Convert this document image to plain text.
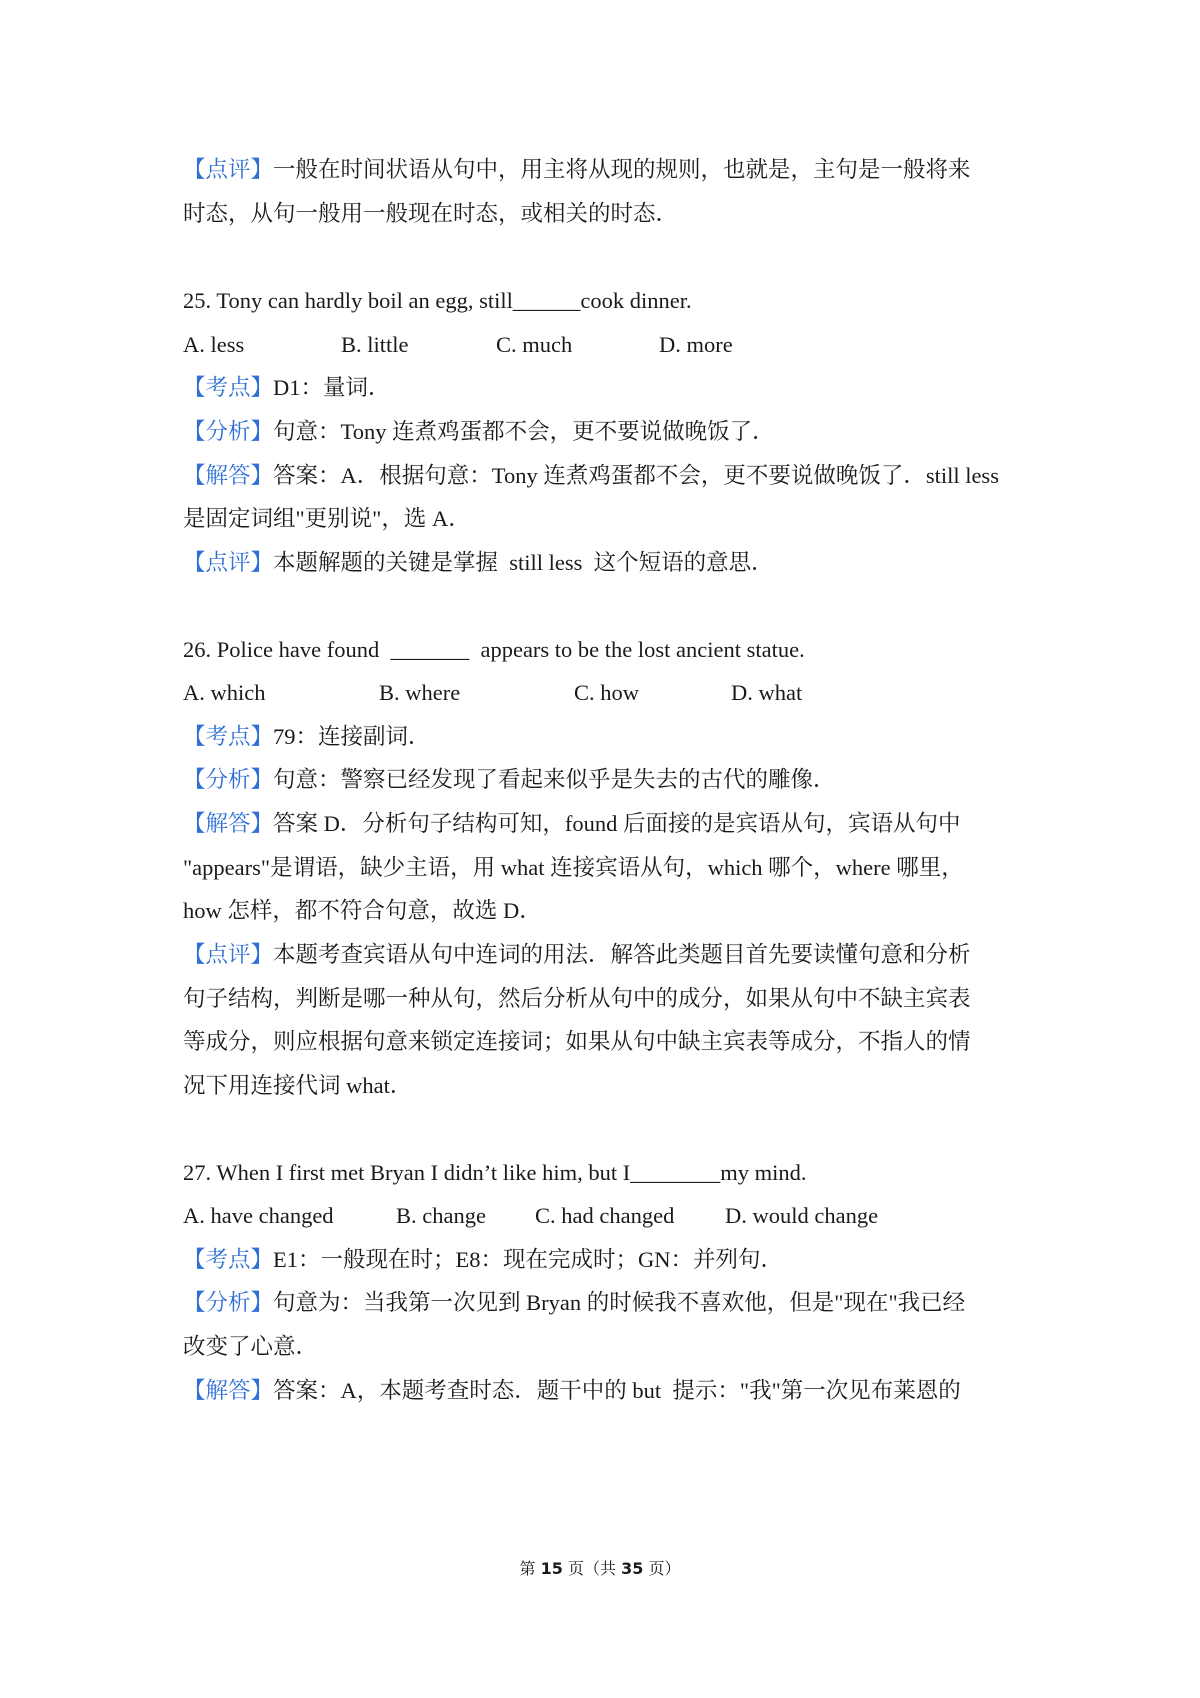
【点评】一般在时间状语从句中，用主将从现的规则，也就是，主句是一般将来
时态，从句一般用一般现在时态，或相关的时态．
25. Tony can hardly boil an egg, still______cook dinner.
A. less	B. little	C. much	D. more
【考点】D1：量词．
【分析】句意：Tony 连煮鸡蛋都不会，更不要说做晚饭了．
【解答】答案：A．根据句意：Tony 连煮鸡蛋都不会，更不要说做晚饭了．still less
是固定词组"更别说"，选 A．
【点评】本题解题的关键是掌握  still less  这个短语的意思．
26. Police have found  _______  appears to be the lost ancient statue.
A. which	B. where	C. how	D. what
【考点】79：连接副词．
【分析】句意：警察已经发现了看起来似乎是失去的古代的雕像．
【解答】答案 D．分析句子结构可知，found 后面接的是宾语从句，宾语从句中
"appears"是谓语，缺少主语，用 what 连接宾语从句，which 哪个，where 哪里，
how 怎样，都不符合句意，故选 D．
【点评】本题考查宾语从句中连词的用法．解答此类题目首先要读懂句意和分析
句子结构，判断是哪一种从句，然后分析从句中的成分，如果从句中不缺主宾表
等成分，则应根据句意来锁定连接词；如果从句中缺主宾表等成分，不指人的情
况下用连接代词 what．
27. When I first met Bryan I didn’t like him, but I________my mind.
A. have changed	B. change C. had changed D. would change
【考点】E1：一般现在时；E8：现在完成时；GN：并列句．
【分析】句意为：当我第一次见到 Bryan 的时候我不喜欢他，但是"现在"我已经
改变了心意．
【解答】答案：A，本题考查时态．题干中的 but  提示："我"第一次见布莱恩的
第 15 页（共 35 页）
